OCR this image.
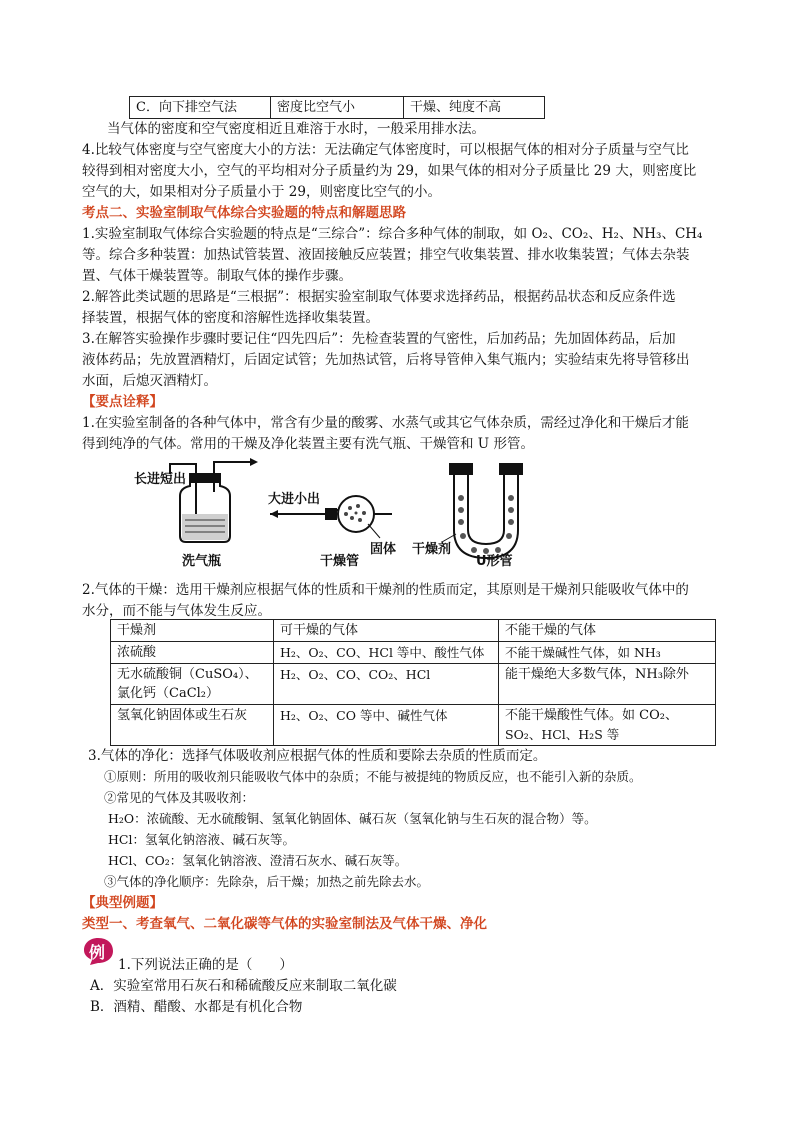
C．向下排空气法	密度比空气小	干燥、纯度不高
当气体的密度和空气密度相近且难溶于水时，一般采用排水法。
4.比较气体密度与空气密度大小的方法：无法确定气体密度时，可以根据气体的相对分子质量与空气比
较得到相对密度大小，空气的平均相对分子质量约为 29，如果气体的相对分子质量比 29 大，则密度比
空气的大，如果相对分子质量小于 29，则密度比空气的小。
考点二、实验室制取气体综合实验题的特点和解题思路
1.实验室制取气体综合实验题的特点是“三综合”：综合多种气体的制取，如 O₂、CO₂、H₂、NH₃、CH₄
等。综合多种装置：加热试管装置、液固接触反应装置；排空气收集装置、排水收集装置；气体去杂装
置、气体干燥装置等。制取气体的操作步骤。
2.解答此类试题的思路是“三根据”：根据实验室制取气体要求选择药品，根据药品状态和反应条件选
择装置，根据气体的密度和溶解性选择收集装置。
3.在解答实验操作步骤时要记住“四先四后”：先检查装置的气密性，后加药品；先加固体药品，后加
液体药品；先放置酒精灯，后固定试管；先加热试管，后将导管伸入集气瓶内；实验结束先将导管移出
水面，后熄灭酒精灯。
【要点诠释】
1.在实验室制备的各种气体中，常含有少量的酸雾、水蒸气或其它气体杂质，需经过净化和干燥后才能
得到纯净的气体。常用的干燥及净化装置主要有洗气瓶、干燥管和 U 形管。
长进短出
洗气瓶
大进小出
干燥管
固体 干燥剂
U形管
2.气体的干燥：选用干燥剂应根据气体的性质和干燥剂的性质而定，其原则是干燥剂只能吸收气体中的
水分，而不能与气体发生反应。
干燥剂	可干燥的气体	不能干燥的气体
浓硫酸	H₂、O₂、CO、HCl 等中、酸性气体	不能干燥碱性气体，如 NH₃

无水硫酸铜（CuSO₄）、
氯化钙（CaCl₂）	H₂、O₂、CO、CO₂、HCl	能干燥绝大多数气体，NH₃除外
氢氧化钠固体或生石灰	H₂、O₂、CO 等中、碱性气体	不能干燥酸性气体。如 CO₂、
SO₂、HCl、H₂S 等
3.气体的净化：选择气体吸收剂应根据气体的性质和要除去杂质的性质而定。
①原则：所用的吸收剂只能吸收气体中的杂质；不能与被提纯的物质反应，也不能引入新的杂质。
②常见的气体及其吸收剂：
H₂O：浓硫酸、无水硫酸铜、氢氧化钠固体、碱石灰（氢氧化钠与生石灰的混合物）等。
HCl：氢氧化钠溶液、碱石灰等。
HCl、CO₂：氢氧化钠溶液、澄清石灰水、碱石灰等。
③气体的净化顺序：先除杂，后干燥；加热之前先除去水。
【典型例题】
类型一、考查氧气、二氧化碳等气体的实验室制法及气体干燥、净化
例
1.下列说法正确的是（　　）
A．实验室常用石灰石和稀硫酸反应来制取二氧化碳
B．酒精、醋酸、水都是有机化合物
